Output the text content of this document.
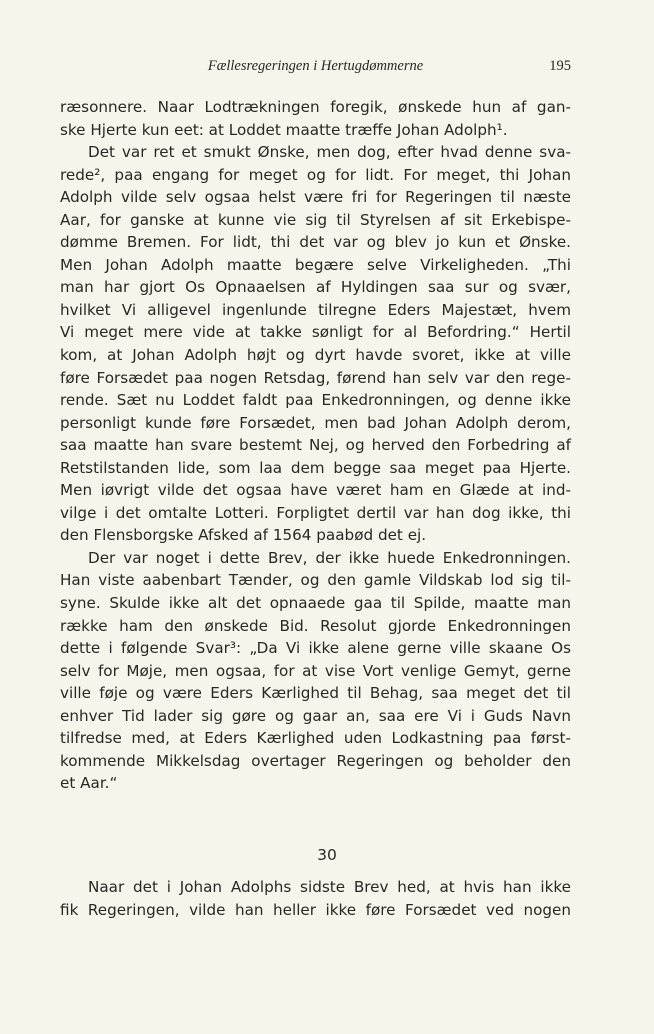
Fællesregeringen i Hertugdømmerne	195

ræsonnere. Naar Lodtrækningen foregik, ønskede hun af gan-
ske Hjerte kun eet: at Loddet maatte træffe Johan Adolph¹.

Det var ret et smukt Ønske, men dog, efter hvad denne sva-
rede², paa engang for meget og for lidt. For meget, thi Johan
Adolph vilde selv ogsaa helst være fri for Regeringen til næste
Aar, for ganske at kunne vie sig til Styrelsen af sit Erkebispe-
dømme Bremen. For lidt, thi det var og blev jo kun et Ønske.
Men Johan Adolph maatte begære selve Virkeligheden. „Thi
man har gjort Os Opnaaelsen af Hyldingen saa sur og svær,
hvilket Vi alligevel ingenlunde tilregne Eders Majestæt, hvem
Vi meget mere vide at takke sønligt for al Befordring.“ Hertil
kom, at Johan Adolph højt og dyrt havde svoret, ikke at ville
føre Forsædet paa nogen Retsdag, førend han selv var den rege-
rende. Sæt nu Loddet faldt paa Enkedronningen, og denne ikke
personligt kunde føre Forsædet, men bad Johan Adolph derom,
saa maatte han svare bestemt Nej, og herved den Forbedring af
Retstilstanden lide, som laa dem begge saa meget paa Hjerte.
Men iøvrigt vilde det ogsaa have været ham en Glæde at ind-
vilge i det omtalte Lotteri. Forpligtet dertil var han dog ikke, thi
den Flensborgske Afsked af 1564 paabød det ej.

Der var noget i dette Brev, der ikke huede Enkedronningen.
Han viste aabenbart Tænder, og den gamle Vildskab lod sig til-
syne. Skulde ikke alt det opnaaede gaa til Spilde, maatte man
række ham den ønskede Bid. Resolut gjorde Enkedronningen
dette i følgende Svar³: „Da Vi ikke alene gerne ville skaane Os
selv for Møje, men ogsaa, for at vise Vort venlige Gemyt, gerne
ville føje og være Eders Kærlighed til Behag, saa meget det til
enhver Tid lader sig gøre og gaar an, saa ere Vi i Guds Navn
tilfredse med, at Eders Kærlighed uden Lodkastning paa først-
kommende Mikkelsdag overtager Regeringen og beholder den
et Aar.“

30
Naar det i Johan Adolphs sidste Brev hed, at hvis han ikke
fik Regeringen, vilde han heller ikke føre Forsædet ved nogen
